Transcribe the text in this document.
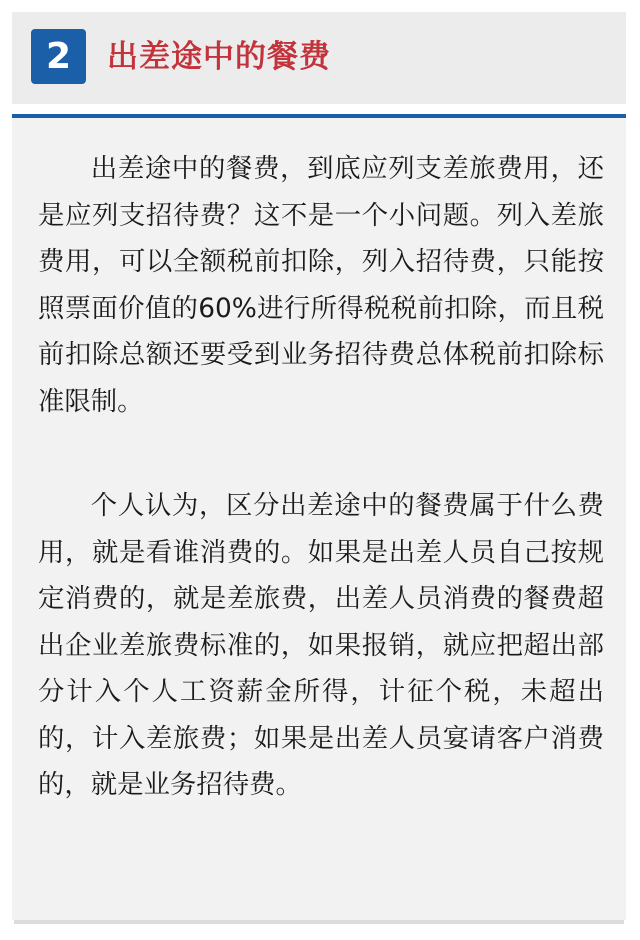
2	出差途中的餐费

出差途中的餐费，到底应列支差旅费用，还是应列支招待费？这不是一个小问题。列入差旅费用，可以全额税前扣除，列入招待费，只能按照票面价值的60%进行所得税税前扣除，而且税前扣除总额还要受到业务招待费总体税前扣除标准限制。

个人认为，区分出差途中的餐费属于什么费用，就是看谁消费的。如果是出差人员自己按规定消费的，就是差旅费，出差人员消费的餐费超出企业差旅费标准的，如果报销，就应把超出部分计入个人工资薪金所得，计征个税，未超出的，计入差旅费；如果是出差人员宴请客户消费的，就是业务招待费。
